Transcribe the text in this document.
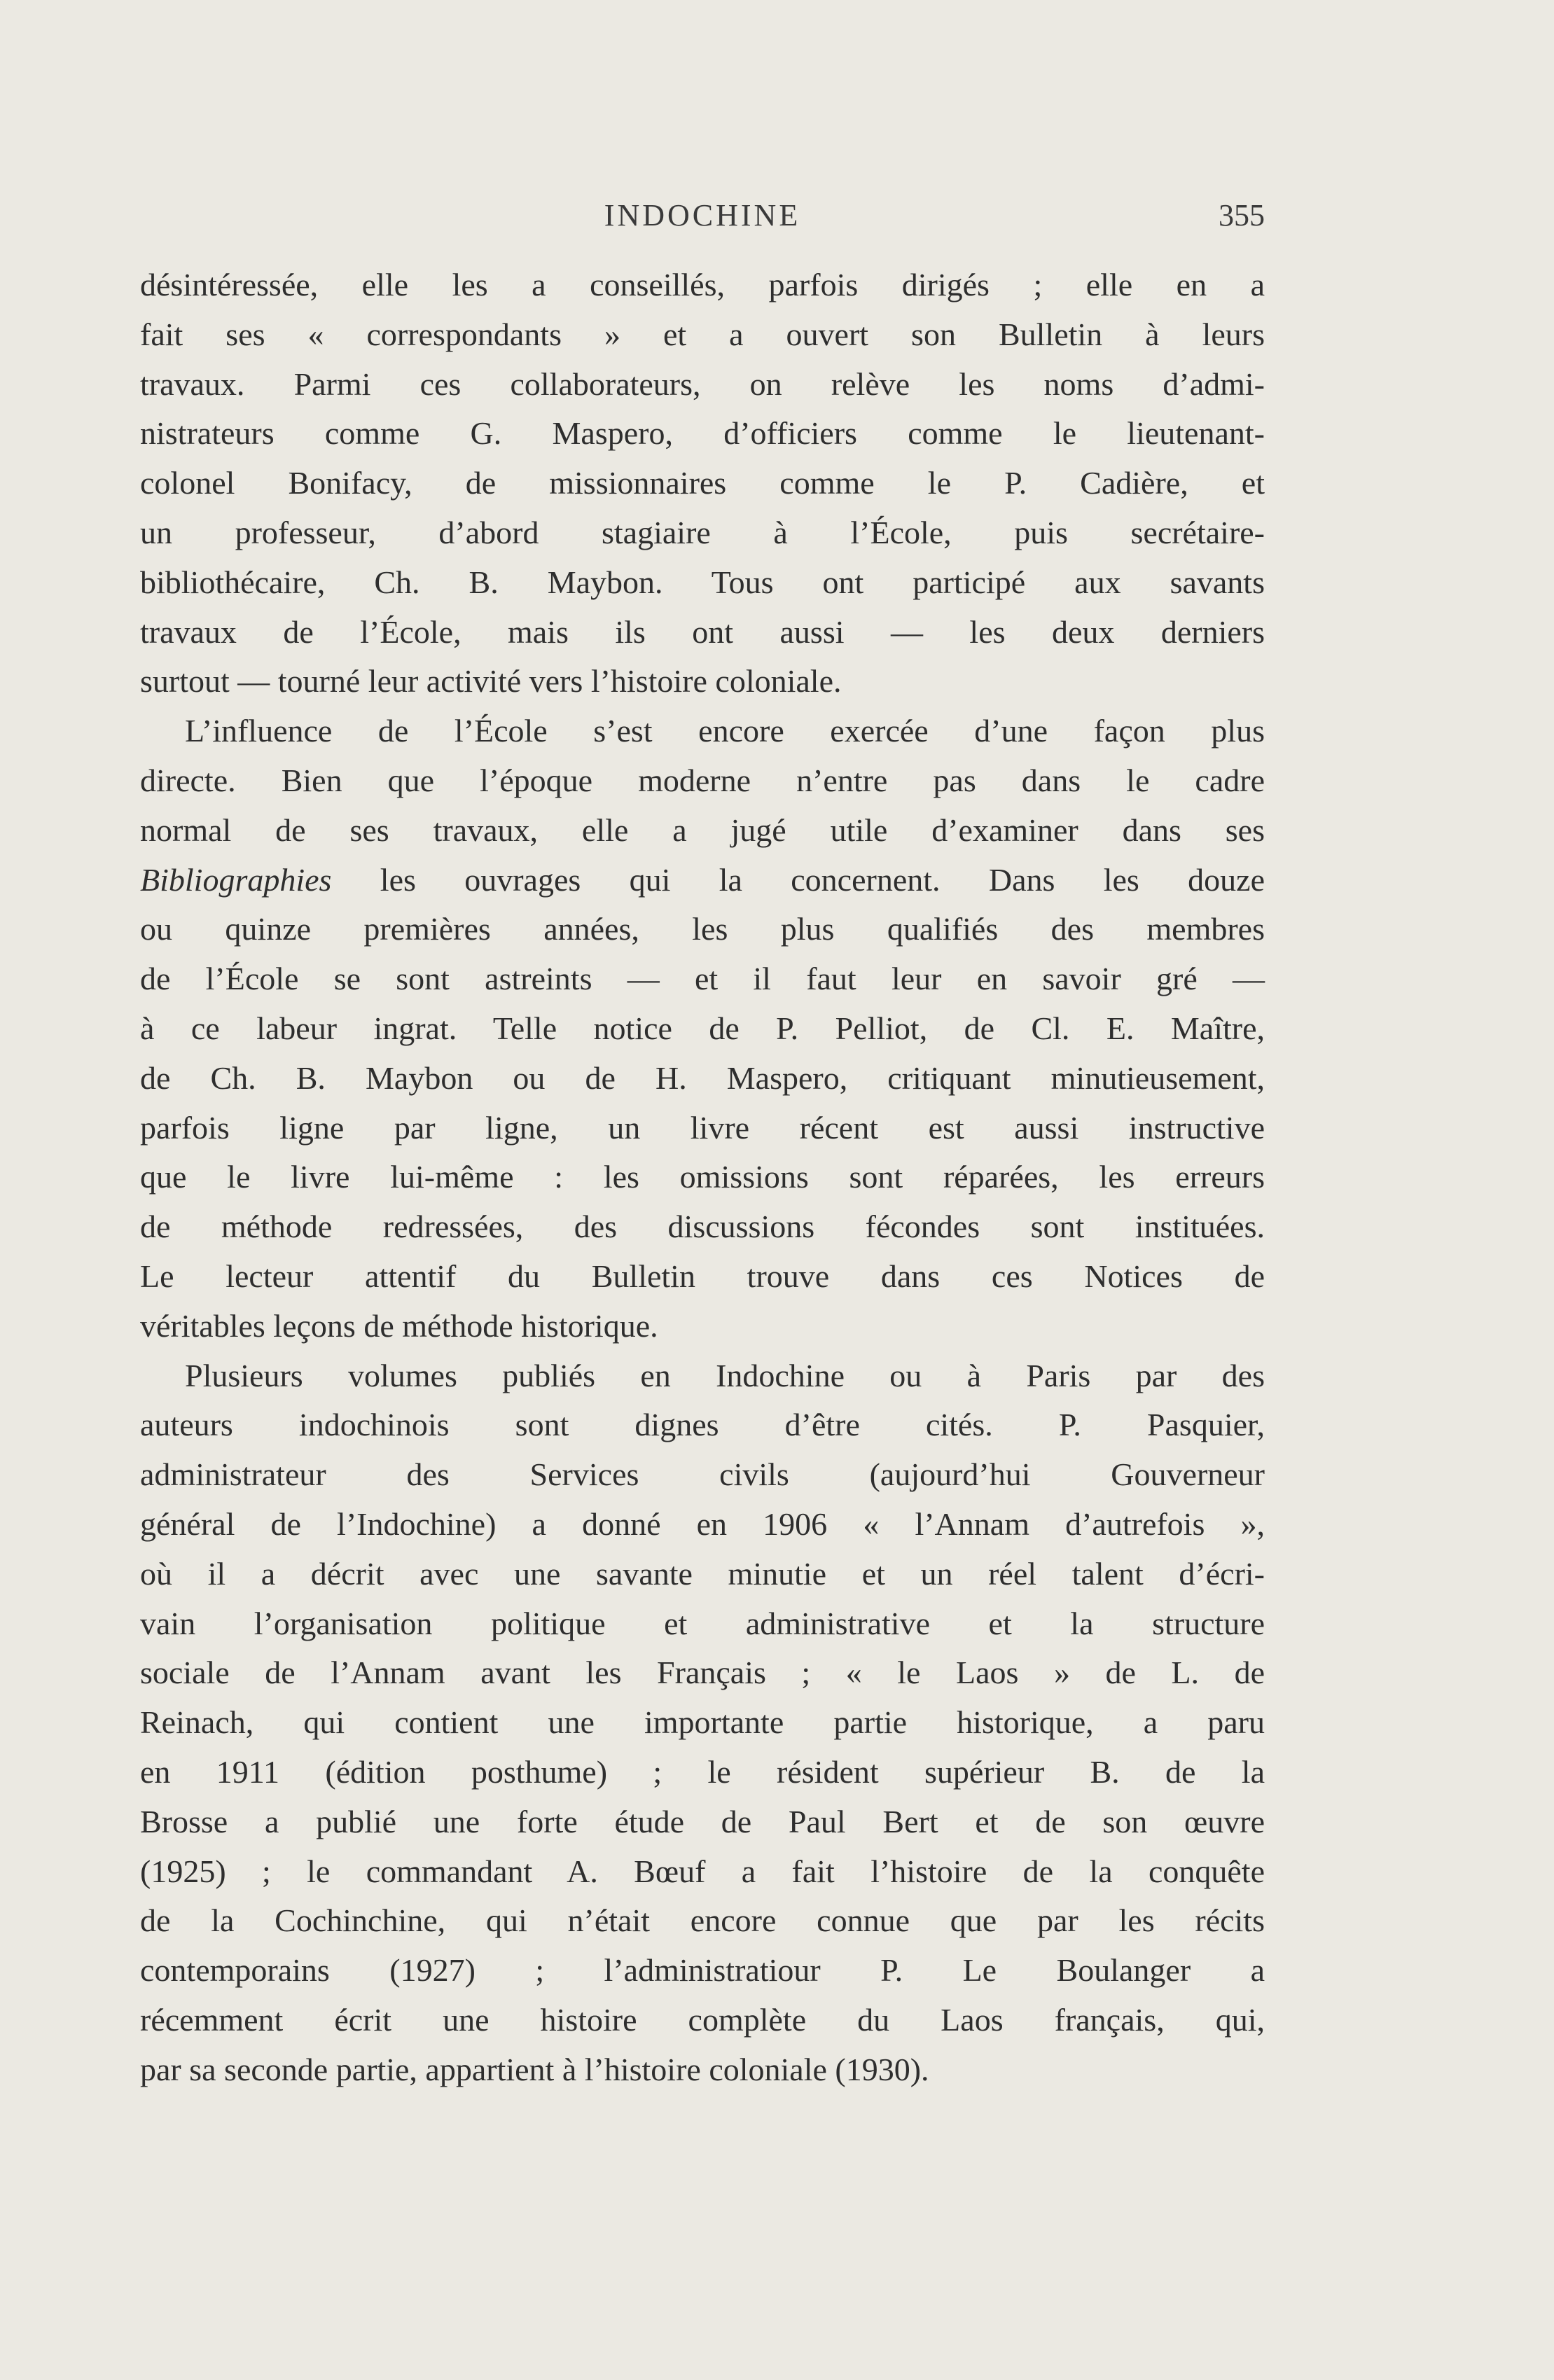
INDOCHINE	355
désintéressée, elle les a conseillés, parfois dirigés ; elle en a
fait ses « correspondants » et a ouvert son Bulletin à leurs
travaux. Parmi ces collaborateurs, on relève les noms d’admi-
nistrateurs comme G. Maspero, d’officiers comme le lieutenant-
colonel Bonifacy, de missionnaires comme le P. Cadière, et
un professeur, d’abord stagiaire à l’École, puis secrétaire-
bibliothécaire, Ch. B. Maybon. Tous ont participé aux savants
travaux de l’École, mais ils ont aussi — les deux derniers
surtout — tourné leur activité vers l’histoire coloniale.
L’influence de l’École s’est encore exercée d’une façon plus
directe. Bien que l’époque moderne n’entre pas dans le cadre
normal de ses travaux, elle a jugé utile d’examiner dans ses
Bibliographies les ouvrages qui la concernent. Dans les douze
ou quinze premières années, les plus qualifiés des membres
de l’École se sont astreints — et il faut leur en savoir gré —
à ce labeur ingrat. Telle notice de P. Pelliot, de Cl. E. Maître,
de Ch. B. Maybon ou de H. Maspero, critiquant minutieusement,
parfois ligne par ligne, un livre récent est aussi instructive
que le livre lui-même : les omissions sont réparées, les erreurs
de méthode redressées, des discussions fécondes sont instituées.
Le lecteur attentif du Bulletin trouve dans ces Notices de
véritables leçons de méthode historique.
Plusieurs volumes publiés en Indochine ou à Paris par des
auteurs indochinois sont dignes d’être cités. P. Pasquier,
administrateur des Services civils (aujourd’hui Gouverneur
général de l’Indochine) a donné en 1906 « l’Annam d’autrefois »,
où il a décrit avec une savante minutie et un réel talent d’écri-
vain l’organisation politique et administrative et la structure
sociale de l’Annam avant les Français ; « le Laos » de L. de
Reinach, qui contient une importante partie historique, a paru
en 1911 (édition posthume) ; le résident supérieur B. de la
Brosse a publié une forte étude de Paul Bert et de son œuvre
(1925) ; le commandant A. Bœuf a fait l’histoire de la conquête
de la Cochinchine, qui n’était encore connue que par les récits
contemporains (1927) ; l’administratiour P. Le Boulanger a
récemment écrit une histoire complète du Laos français, qui,
par sa seconde partie, appartient à l’histoire coloniale (1930).
